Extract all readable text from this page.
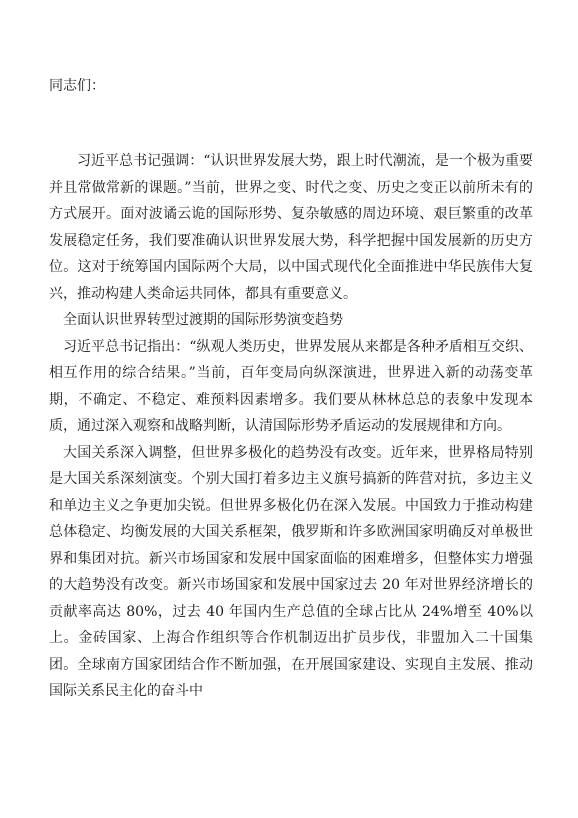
同志们：

习近平总书记强调：“认识世界发展大势，跟上时代潮流，是一个极为重要并且常做常新的课题。”当前，世界之变、时代之变、历史之变正以前所未有的方式展开。面对波谲云诡的国际形势、复杂敏感的周边环境、艰巨繁重的改革发展稳定任务，我们要准确认识世界发展大势，科学把握中国发展新的历史方位。这对于统筹国内国际两个大局，以中国式现代化全面推进中华民族伟大复兴，推动构建人类命运共同体，都具有重要意义。

全面认识世界转型过渡期的国际形势演变趋势

习近平总书记指出：“纵观人类历史，世界发展从来都是各种矛盾相互交织、相互作用的综合结果。”当前，百年变局向纵深演进，世界进入新的动荡变革期，不确定、不稳定、难预料因素增多。我们要从林林总总的表象中发现本质，通过深入观察和战略判断，认清国际形势矛盾运动的发展规律和方向。

大国关系深入调整，但世界多极化的趋势没有改变。近年来，世界格局特别是大国关系深刻演变。个别大国打着多边主义旗号搞新的阵营对抗，多边主义和单边主义之争更加尖锐。但世界多极化仍在深入发展。中国致力于推动构建总体稳定、均衡发展的大国关系框架，俄罗斯和许多欧洲国家明确反对单极世界和集团对抗。新兴市场国家和发展中国家面临的困难增多，但整体实力增强的大趋势没有改变。新兴市场国家和发展中国家过去 20 年对世界经济增长的贡献率高达 80%，过去 40 年国内生产总值的全球占比从 24%增至 40%以上。金砖国家、上海合作组织等合作机制迈出扩员步伐，非盟加入二十国集团。全球南方国家团结合作不断加强，在开展国家建设、实现自主发展、推动国际关系民主化的奋斗中
